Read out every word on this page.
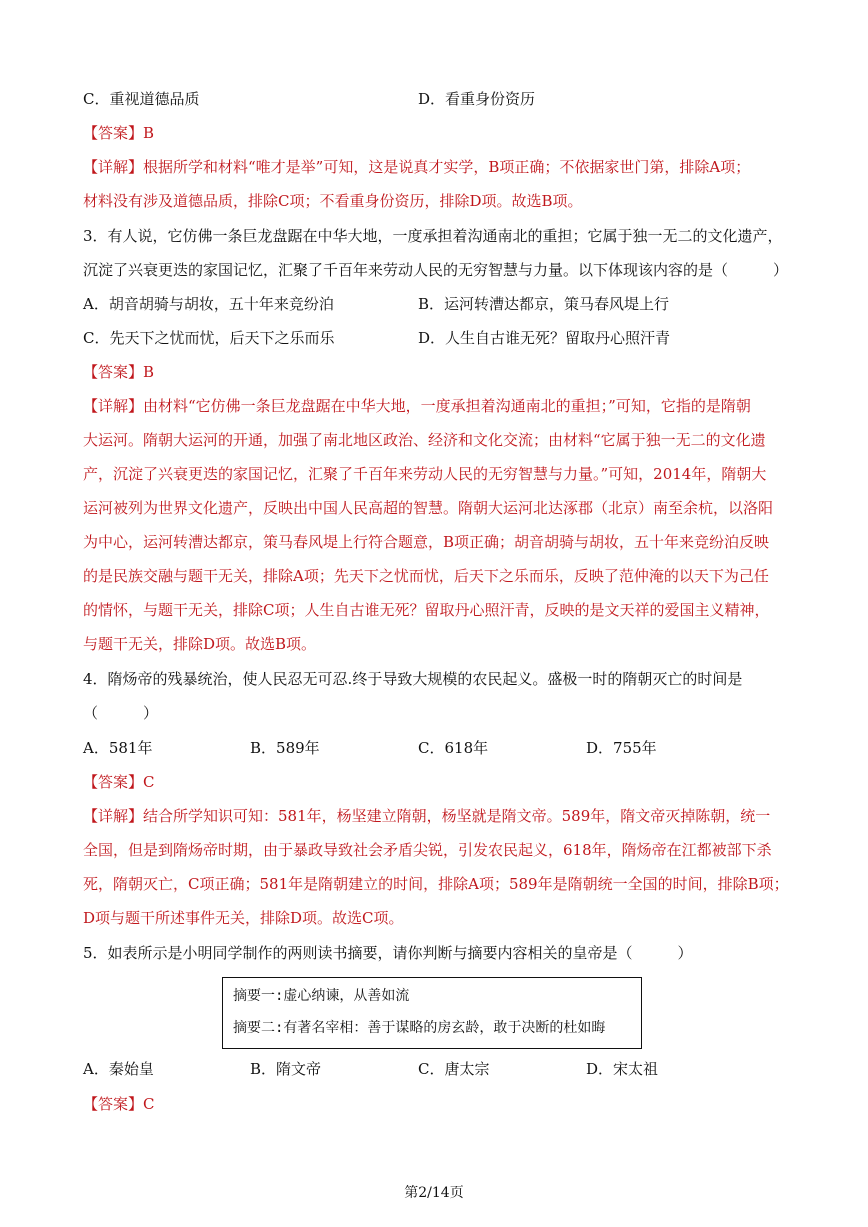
C．重视道德品质	D．看重身份资历
【答案】B
【详解】根据所学和材料“唯才是举”可知，这是说真才实学，B项正确；不依据家世门第，排除A项；
材料没有涉及道德品质，排除C项；不看重身份资历，排除D项。故选B项。
3．有人说，它仿佛一条巨龙盘踞在中华大地，一度承担着沟通南北的重担；它属于独一无二的文化遗产，
沉淀了兴衰更迭的家国记忆，汇聚了千百年来劳动人民的无穷智慧与力量。以下体现该内容的是（　　　）
A．胡音胡骑与胡妆，五十年来竞纷泊	B．运河转漕达都京，策马春风堤上行
C．先天下之忧而忧，后天下之乐而乐	D．人生自古谁无死？留取丹心照汗青
【答案】B
【详解】由材料“它仿佛一条巨龙盘踞在中华大地，一度承担着沟通南北的重担；”可知，它指的是隋朝
大运河。隋朝大运河的开通，加强了南北地区政治、经济和文化交流；由材料“它属于独一无二的文化遗
产，沉淀了兴衰更迭的家国记忆，汇聚了千百年来劳动人民的无穷智慧与力量。”可知，2014年，隋朝大
运河被列为世界文化遗产，反映出中国人民高超的智慧。隋朝大运河北达涿郡（北京）南至余杭，以洛阳
为中心，运河转漕达都京，策马春风堤上行符合题意，B项正确；胡音胡骑与胡妆，五十年来竞纷泊反映
的是民族交融与题干无关，排除A项；先天下之忧而忧，后天下之乐而乐，反映了范仲淹的以天下为己任
的情怀，与题干无关，排除C项；人生自古谁无死？留取丹心照汗青，反映的是文天祥的爱国主义精神，
与题干无关，排除D项。故选B项。
4．隋炀帝的残暴统治，使人民忍无可忍.终于导致大规模的农民起义。盛极一时的隋朝灭亡的时间是
（　　　）
A．581年	B．589年	C．618年	D．755年
【答案】C
【详解】结合所学知识可知：581年，杨坚建立隋朝，杨坚就是隋文帝。589年，隋文帝灭掉陈朝，统一
全国，但是到隋炀帝时期，由于暴政导致社会矛盾尖锐，引发农民起义，618年，隋炀帝在江都被部下杀
死，隋朝灭亡，C项正确；581年是隋朝建立的时间，排除A项；589年是隋朝统一全国的时间，排除B项；
D项与题干所述事件无关，排除D项。故选C项。
5．如表所示是小明同学制作的两则读书摘要，请你判断与摘要内容相关的皇帝是（　　　）
摘要一:虚心纳谏，从善如流
摘要二:有著名宰相：善于谋略的房玄龄，敢于决断的杜如晦
A．秦始皇	B．隋文帝	C．唐太宗	D．宋太祖
【答案】C
第2/14页
